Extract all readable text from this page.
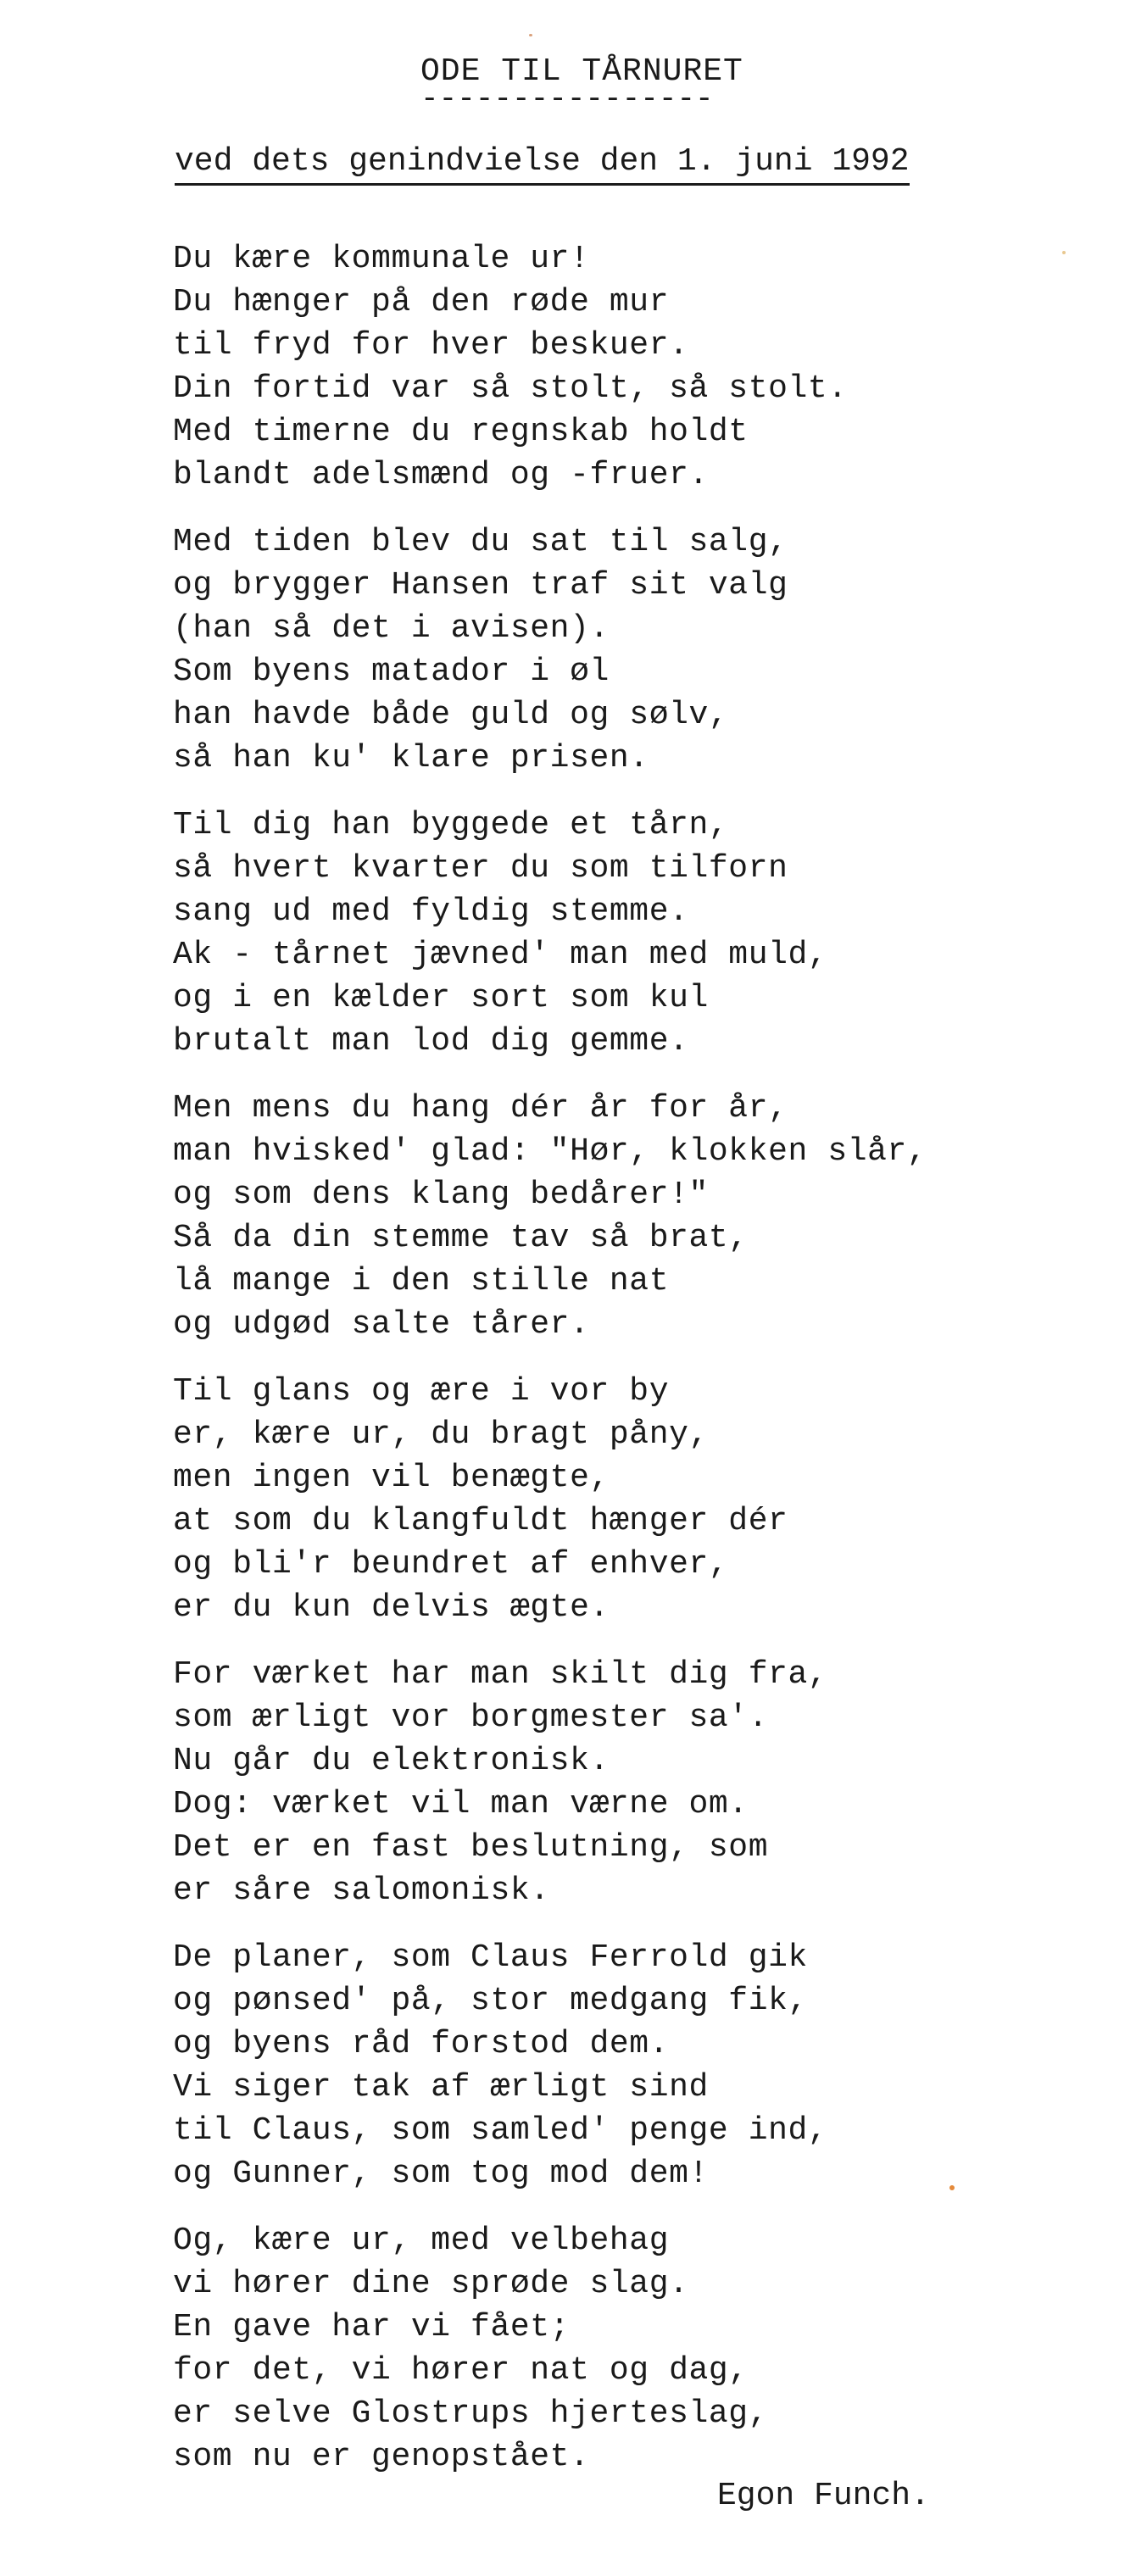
ODE TIL TÅRNURET
----------------
ved dets genindvielse den 1. juni 1992
Du kære kommunale ur!
Du hænger på den røde mur
til fryd for hver beskuer.
Din fortid var så stolt, så stolt.
Med timerne du regnskab holdt
blandt adelsmænd og -fruer.
Med tiden blev du sat til salg,
og brygger Hansen traf sit valg
(han så det i avisen).
Som byens matador i øl
han havde både guld og sølv,
så han ku' klare prisen.
Til dig han byggede et tårn,
så hvert kvarter du som tilforn
sang ud med fyldig stemme.
Ak - tårnet jævned' man med muld,
og i en kælder sort som kul
brutalt man lod dig gemme.
Men mens du hang dér år for år,
man hvisked' glad: "Hør, klokken slår,
og som dens klang bedårer!"
Så da din stemme tav så brat,
lå mange i den stille nat
og udgød salte tårer.
Til glans og ære i vor by
er, kære ur, du bragt påny,
men ingen vil benægte,
at som du klangfuldt hænger dér
og bli'r beundret af enhver,
er du kun delvis ægte.
For værket har man skilt dig fra,
som ærligt vor borgmester sa'.
Nu går du elektronisk.
Dog: værket vil man værne om.
Det er en fast beslutning, som
er såre salomonisk.
De planer, som Claus Ferrold gik
og pønsed' på, stor medgang fik,
og byens råd forstod dem.
Vi siger tak af ærligt sind
til Claus, som samled' penge ind,
og Gunner, som tog mod dem!
Og, kære ur, med velbehag
vi hører dine sprøde slag.
En gave har vi fået;
for det, vi hører nat og dag,
er selve Glostrups hjerteslag,
som nu er genopstået.
Egon Funch.
